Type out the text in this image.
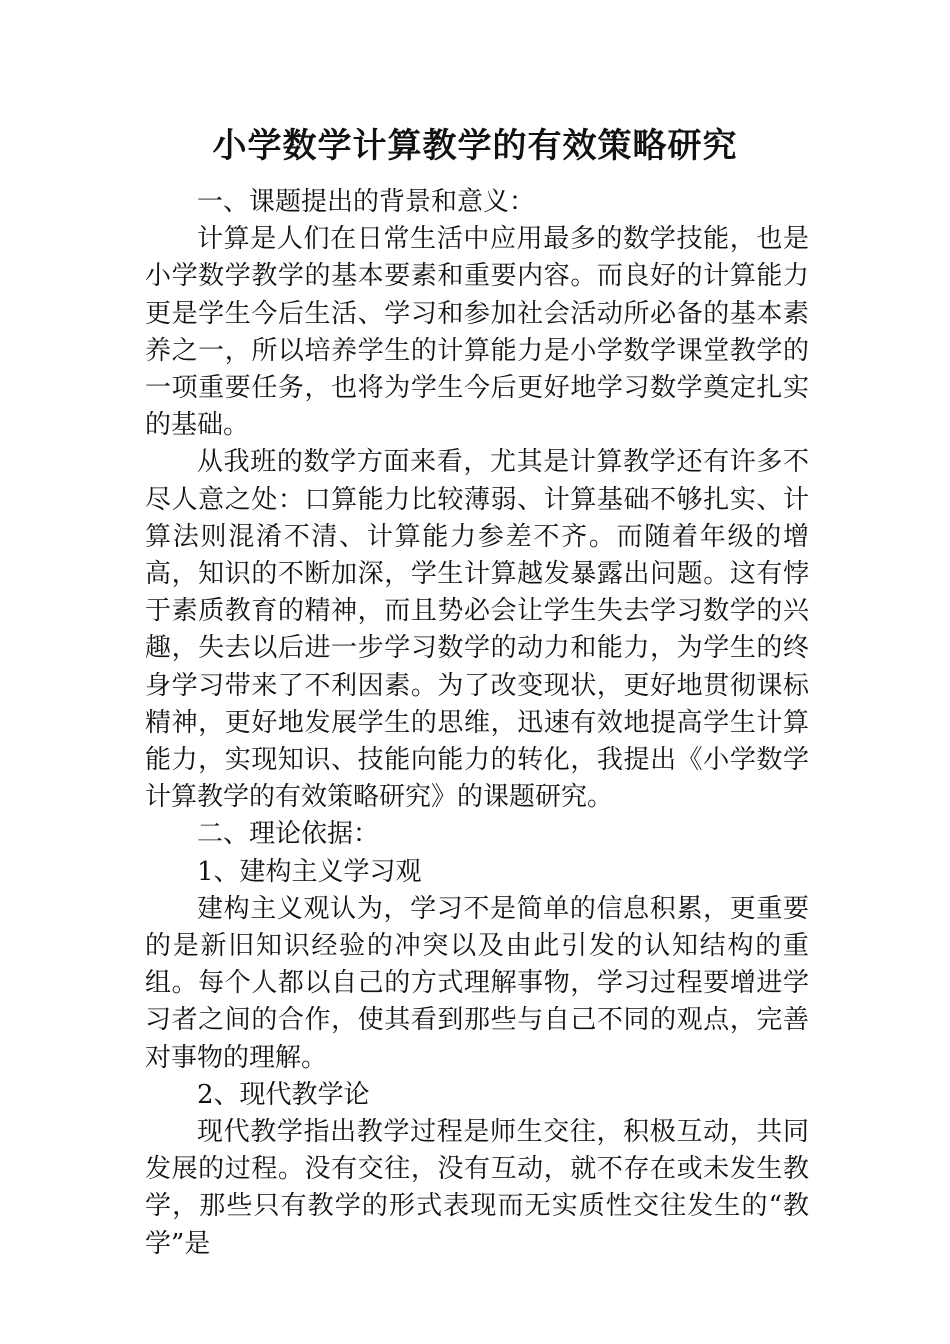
小学数学计算教学的有效策略研究

一、课题提出的背景和意义：

计算是人们在日常生活中应用最多的数学技能，也是小学数学教学的基本要素和重要内容。而良好的计算能力更是学生今后生活、学习和参加社会活动所必备的基本素养之一，所以培养学生的计算能力是小学数学课堂教学的一项重要任务，也将为学生今后更好地学习数学奠定扎实的基础。

从我班的数学方面来看，尤其是计算教学还有许多不尽人意之处：口算能力比较薄弱、计算基础不够扎实、计算法则混淆不清、计算能力参差不齐。而随着年级的增高，知识的不断加深，学生计算越发暴露出问题。这有悖于素质教育的精神，而且势必会让学生失去学习数学的兴趣，失去以后进一步学习数学的动力和能力，为学生的终身学习带来了不利因素。为了改变现状，更好地贯彻课标精神，更好地发展学生的思维，迅速有效地提高学生计算能力，实现知识、技能向能力的转化，我提出《小学数学计算教学的有效策略研究》的课题研究。

二、理论依据：

1、建构主义学习观

建构主义观认为，学习不是简单的信息积累，更重要的是新旧知识经验的冲突以及由此引发的认知结构的重组。每个人都以自己的方式理解事物，学习过程要增进学习者之间的合作，使其看到那些与自己不同的观点，完善对事物的理解。

2、现代教学论

现代教学指出教学过程是师生交往，积极互动，共同发展的过程。没有交往，没有互动，就不存在或未发生教学，那些只有教学的形式表现而无实质性交往发生的“教学”是
